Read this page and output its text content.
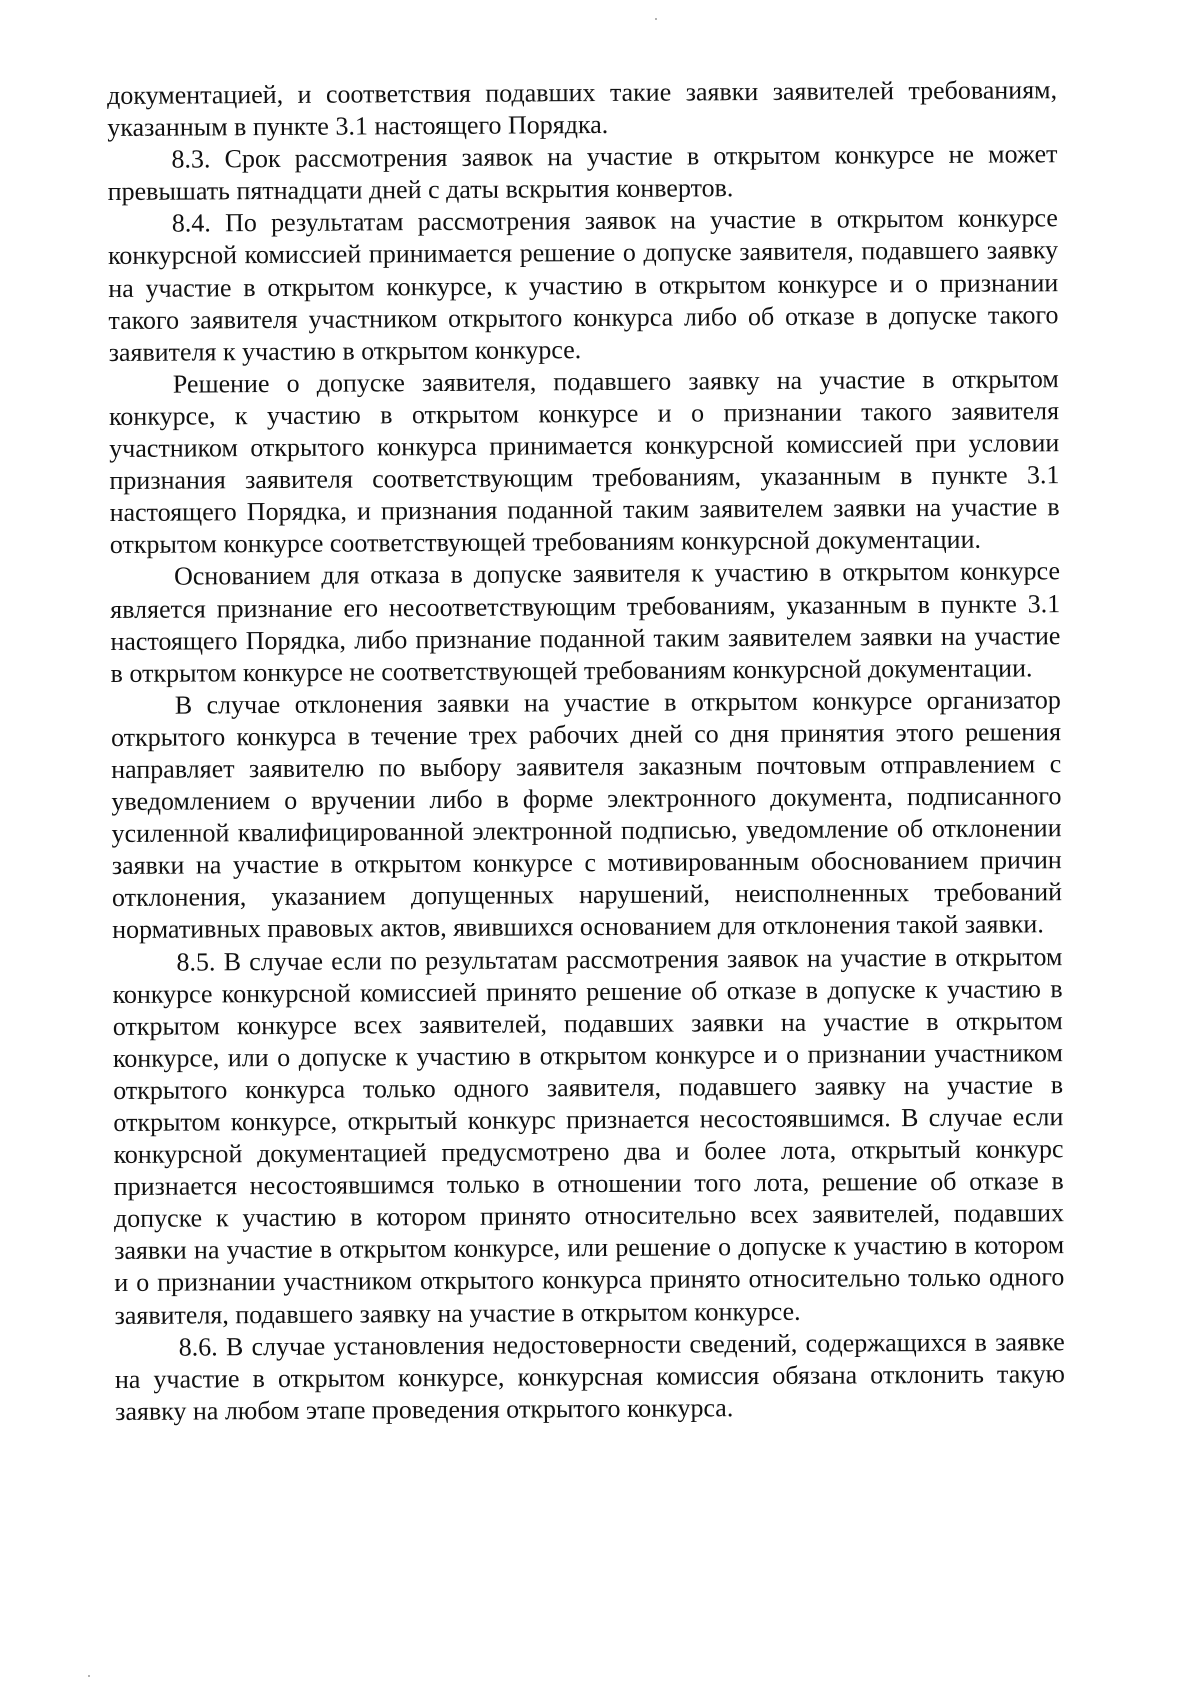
документацией, и соответствия подавших такие заявки заявителей требованиям, указанным в пункте 3.1 настоящего Порядка.

8.3. Срок рассмотрения заявок на участие в открытом конкурсе не может превышать пятнадцати дней с даты вскрытия конвертов.

8.4. По результатам рассмотрения заявок на участие в открытом конкурсе конкурсной комиссией принимается решение о допуске заявителя, подавшего заявку на участие в открытом конкурсе, к участию в открытом конкурсе и о признании такого заявителя участником открытого конкурса либо об отказе в допуске такого заявителя к участию в открытом конкурсе.

Решение о допуске заявителя, подавшего заявку на участие в открытом конкурсе, к участию в открытом конкурсе и о признании такого заявителя участником открытого конкурса принимается конкурсной комиссией при условии признания заявителя соответствующим требованиям, указанным в пункте 3.1 настоящего Порядка, и признания поданной таким заявителем заявки на участие в открытом конкурсе соответствующей требованиям конкурсной документации.

Основанием для отказа в допуске заявителя к участию в открытом конкурсе является признание его несоответствующим требованиям, указанным в пункте 3.1 настоящего Порядка, либо признание поданной таким заявителем заявки на участие в открытом конкурсе не соответствующей требованиям конкурсной документации.

В случае отклонения заявки на участие в открытом конкурсе организатор открытого конкурса в течение трех рабочих дней со дня принятия этого решения направляет заявителю по выбору заявителя заказным почтовым отправлением с уведомлением о вручении либо в форме электронного документа, подписанного усиленной квалифицированной электронной подписью, уведомление об отклонении заявки на участие в открытом конкурсе с мотивированным обоснованием причин отклонения, указанием допущенных нарушений, неисполненных требований нормативных правовых актов, явившихся основанием для отклонения такой заявки.

8.5. В случае если по результатам рассмотрения заявок на участие в открытом конкурсе конкурсной комиссией принято решение об отказе в допуске к участию в открытом конкурсе всех заявителей, подавших заявки на участие в открытом конкурсе, или о допуске к участию в открытом конкурсе и о признании участником открытого конкурса только одного заявителя, подавшего заявку на участие в открытом конкурсе, открытый конкурс признается несостоявшимся. В случае если конкурсной документацией предусмотрено два и более лота, открытый конкурс признается несостоявшимся только в отношении того лота, решение об отказе в допуске к участию в котором принято относительно всех заявителей, подавших заявки на участие в открытом конкурсе, или решение о допуске к участию в котором и о признании участником открытого конкурса принято относительно только одного заявителя, подавшего заявку на участие в открытом конкурсе.

8.6. В случае установления недостоверности сведений, содержащихся в заявке на участие в открытом конкурсе, конкурсная комиссия обязана отклонить такую заявку на любом этапе проведения открытого конкурса.
